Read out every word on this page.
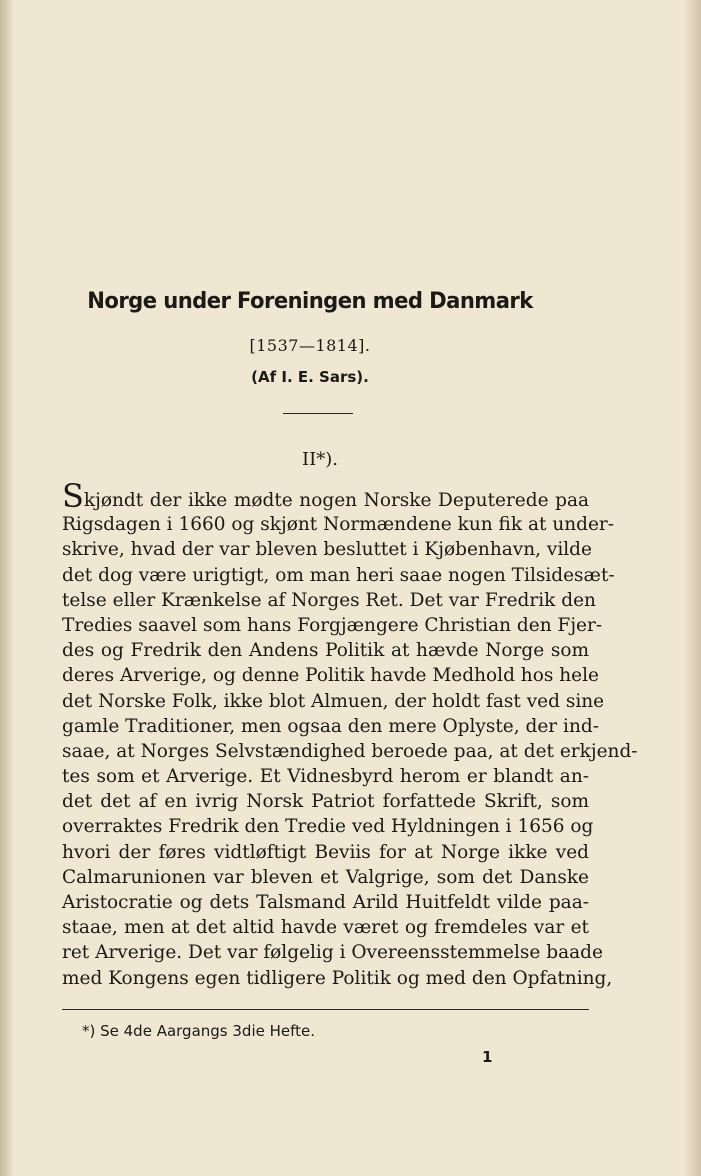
Norge under Foreningen med Danmark
[1537—1814].
(Af I. E. Sars).
II*).
Skjøndt der ikke mødte nogen Norske Deputerede paa
Rigsdagen i 1660 og skjønt Normændene kun fik at under-
skrive, hvad der var bleven besluttet i Kjøbenhavn, vilde
det dog være urigtigt, om man heri saae nogen Tilsidesæt-
telse eller Krænkelse af Norges Ret. Det var Fredrik den
Tredies saavel som hans Forgjængere Christian den Fjer-
des og Fredrik den Andens Politik at hævde Norge som
deres Arverige, og denne Politik havde Medhold hos hele
det Norske Folk, ikke blot Almuen, der holdt fast ved sine
gamle Traditioner, men ogsaa den mere Oplyste, der ind-
saae, at Norges Selvstændighed beroede paa, at det erkjend-
tes som et Arverige. Et Vidnesbyrd herom er blandt an-
det det af en ivrig Norsk Patriot forfattede Skrift, som
overraktes Fredrik den Tredie ved Hyldningen i 1656 og
hvori der føres vidtløftigt Beviis for at Norge ikke ved
Calmarunionen var bleven et Valgrige, som det Danske
Aristocratie og dets Talsmand Arild Huitfeldt vilde paa-
staae, men at det altid havde været og fremdeles var et
ret Arverige. Det var følgelig i Overeensstemmelse baade
med Kongens egen tidligere Politik og med den Opfatning,
*) Se 4de Aargangs 3die Hefte.
1
